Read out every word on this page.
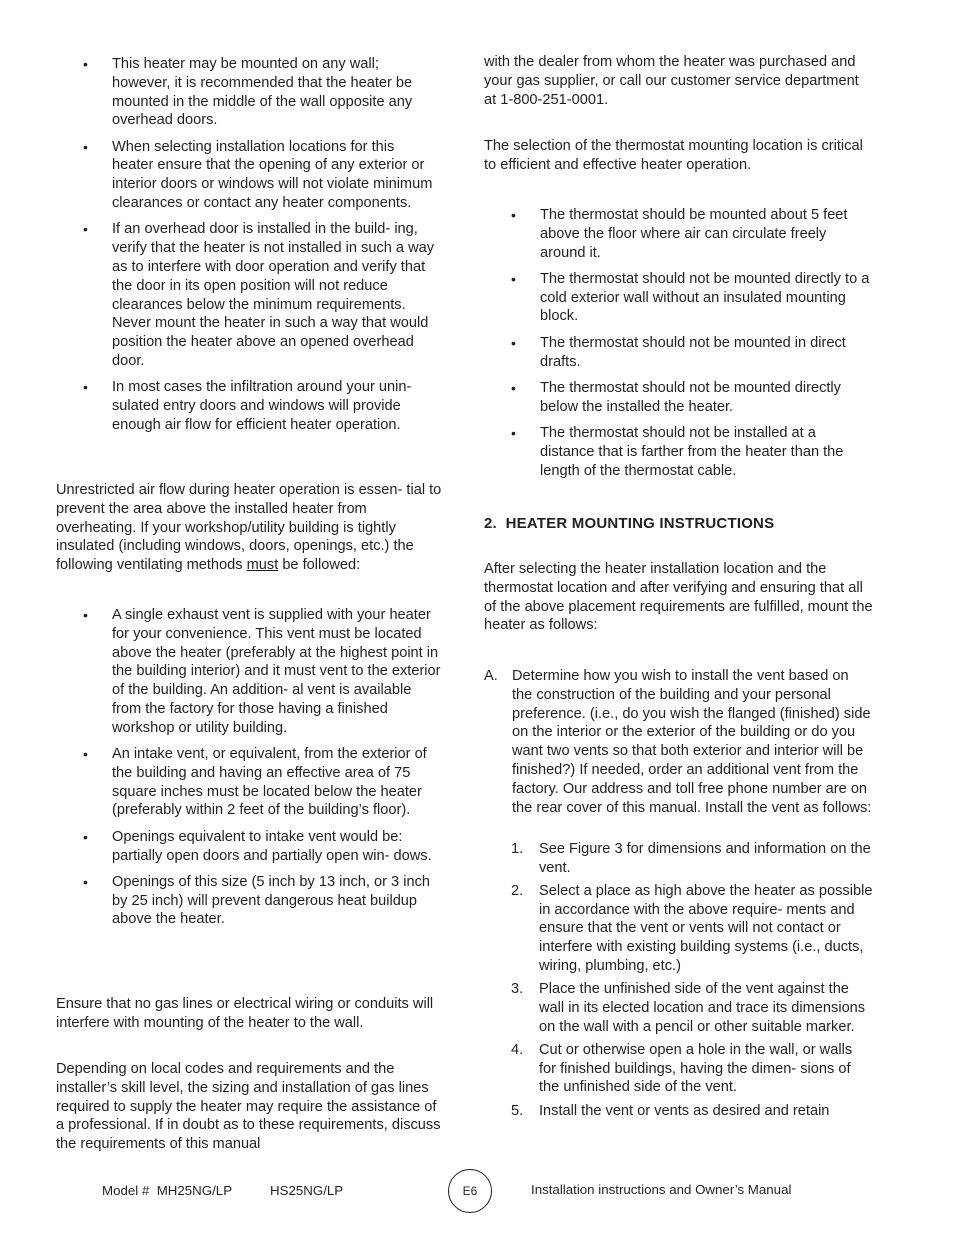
• This heater may be mounted on any wall; however, it is recommended that the heater be mounted in the middle of the wall opposite any overhead doors.
• When selecting installation locations for this heater ensure that the opening of any exterior or interior doors or windows will not violate minimum clearances or contact any heater components.
• If an overhead door is installed in the build- ing, verify that the heater is not installed in such a way as to interfere with door operation and verify that the door in its open position will not reduce clearances below the minimum requirements. Never mount the heater in such a way that would position the heater above an opened overhead door.
• In most cases the infiltration around your unin- sulated entry doors and windows will provide enough air flow for efficient heater operation.

Unrestricted air flow during heater operation is essen- tial to prevent the area above the installed heater from overheating. If your workshop/utility building is tightly insulated (including windows, doors, openings, etc.) the following ventilating methods must be followed:

• A single exhaust vent is supplied with your heater for your convenience. This vent must be located above the heater (preferably at the highest point in the building interior) and it must vent to the exterior of the building. An addition- al vent is available from the factory for those having a finished workshop or utility building.
• An intake vent, or equivalent, from the exterior of the building and having an effective area of 75 square inches must be located below the heater (preferably within 2 feet of the building’s floor).
• Openings equivalent to intake vent would be: partially open doors and partially open win- dows.
• Openings of this size (5 inch by 13 inch, or 3 inch by 25 inch) will prevent dangerous heat buildup above the heater.

Ensure that no gas lines or electrical wiring or conduits will interfere with mounting of the heater to the wall.

Depending on local codes and requirements and the installer’s skill level, the sizing and installation of gas lines required to supply the heater may require the assistance of a professional. If in doubt as to these requirements, discuss the requirements of this manual

with the dealer from whom the heater was purchased and your gas supplier, or call our customer service department at 1-800-251-0001.

The selection of the thermostat mounting location is critical to efficient and effective heater operation.

• The thermostat should be mounted about 5 feet above the floor where air can circulate freely around it.
• The thermostat should not be mounted directly to a cold exterior wall without an insulated mounting block.
• The thermostat should not be mounted in direct drafts.
• The thermostat should not be mounted directly below the installed the heater.
• The thermostat should not be installed at a distance that is farther from the heater than the length of the thermostat cable.
2.  HEATER MOUNTING INSTRUCTIONS

After selecting the heater installation location and the thermostat location and after verifying and ensuring that all of the above placement requirements are fulfilled, mount the heater as follows:

A. Determine how you wish to install the vent based on the construction of the building and your personal preference. (i.e., do you wish the flanged (finished) side on the interior or the exterior of the building or do you want two vents so that both exterior and interior will be finished?) If needed, order an additional vent from the factory. Our address and toll free phone number are on the rear cover of this manual. Install the vent as follows:
1. See Figure 3 for dimensions and information on the vent.
2. Select a place as high above the heater as possible in accordance with the above require- ments and ensure that the vent or vents will not contact or interfere with existing building systems (i.e., ducts, wiring, plumbing, etc.)
3. Place the unfinished side of the vent against the wall in its elected location and trace its dimensions on the wall with a pencil or other suitable marker.
4. Cut or otherwise open a hole in the wall, or walls for finished buildings, having the dimen- sions of the unfinished side of the vent.
5. Install the vent or vents as desired and retain
Model #  MH25NG/LP	HS25NG/LP	E6	Installation instructions and Owner’s Manual
